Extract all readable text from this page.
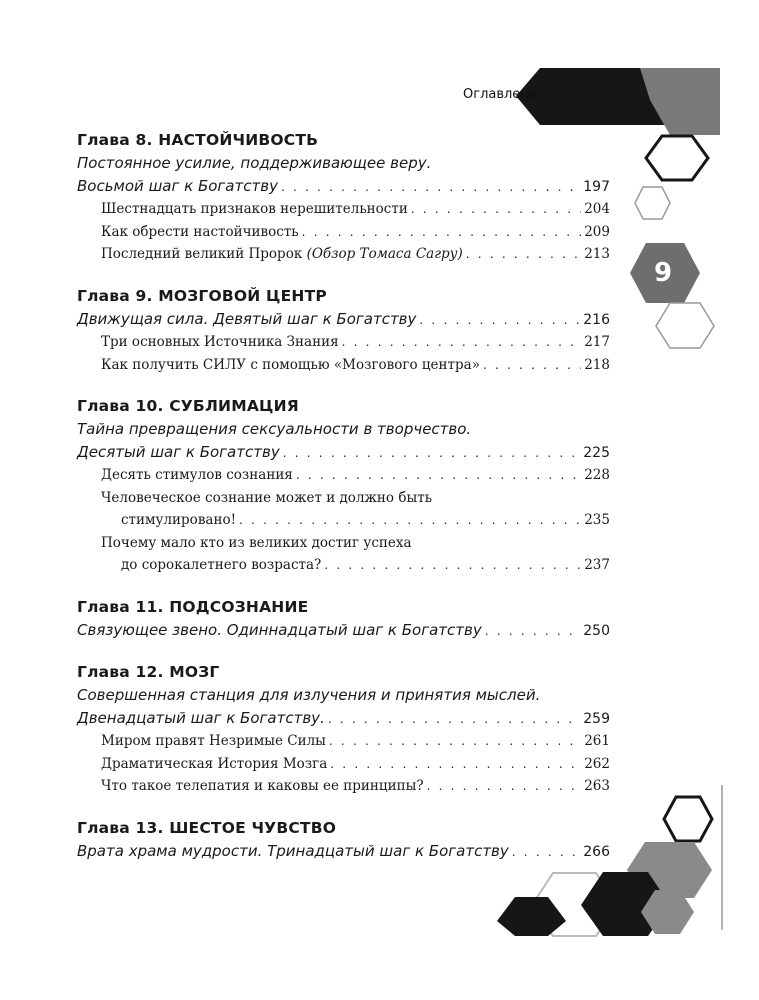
Оглавление
9
Глава 8. НАСТОЙЧИВОСТЬ
Постоянное усилие, поддерживающее веру.
Восьмой шаг к Богатству . . .	197
Шестнадцать признаков нерешительности . . .	204
Как обрести настойчивость . . .	209
Последний великий Пророк
(Обзор Томаса Сагру) . . .	213
Глава 9. МОЗГОВОЙ ЦЕНТР
Движущая сила. Девятый шаг к Богатству . . .	216
Три основных Источника Знания . . .	217
Как получить СИЛУ с помощью «Мозгового центра» . . .	218
Глава 10. СУБЛИМАЦИЯ
Тайна превращения сексуальности в творчество.
Десятый шаг к Богатству . . .	225
Десять стимулов сознания . . .	228
Человеческое сознание может и должно быть
стимулировано! . . .	235
Почему мало кто из великих достиг успеха
до сорокалетнего возраста? . . .	237
Глава 11. ПОДСОЗНАНИЕ
Связующее звено. Одиннадцатый шаг к Богатству . . .	250
Глава 12. МОЗГ
Совершенная станция для излучения и принятия мыслей.
Двенадцатый шаг к Богатству. . . .	259
Миром правят Незримые Силы . . .	261
Драматическая История Мозга . . .	262
Что такое телепатия и каковы ее принципы? . . .	263
Глава 13. ШЕСТОЕ ЧУВСТВО
Врата храма мудрости. Тринадцатый шаг к Богатству . . .	266
